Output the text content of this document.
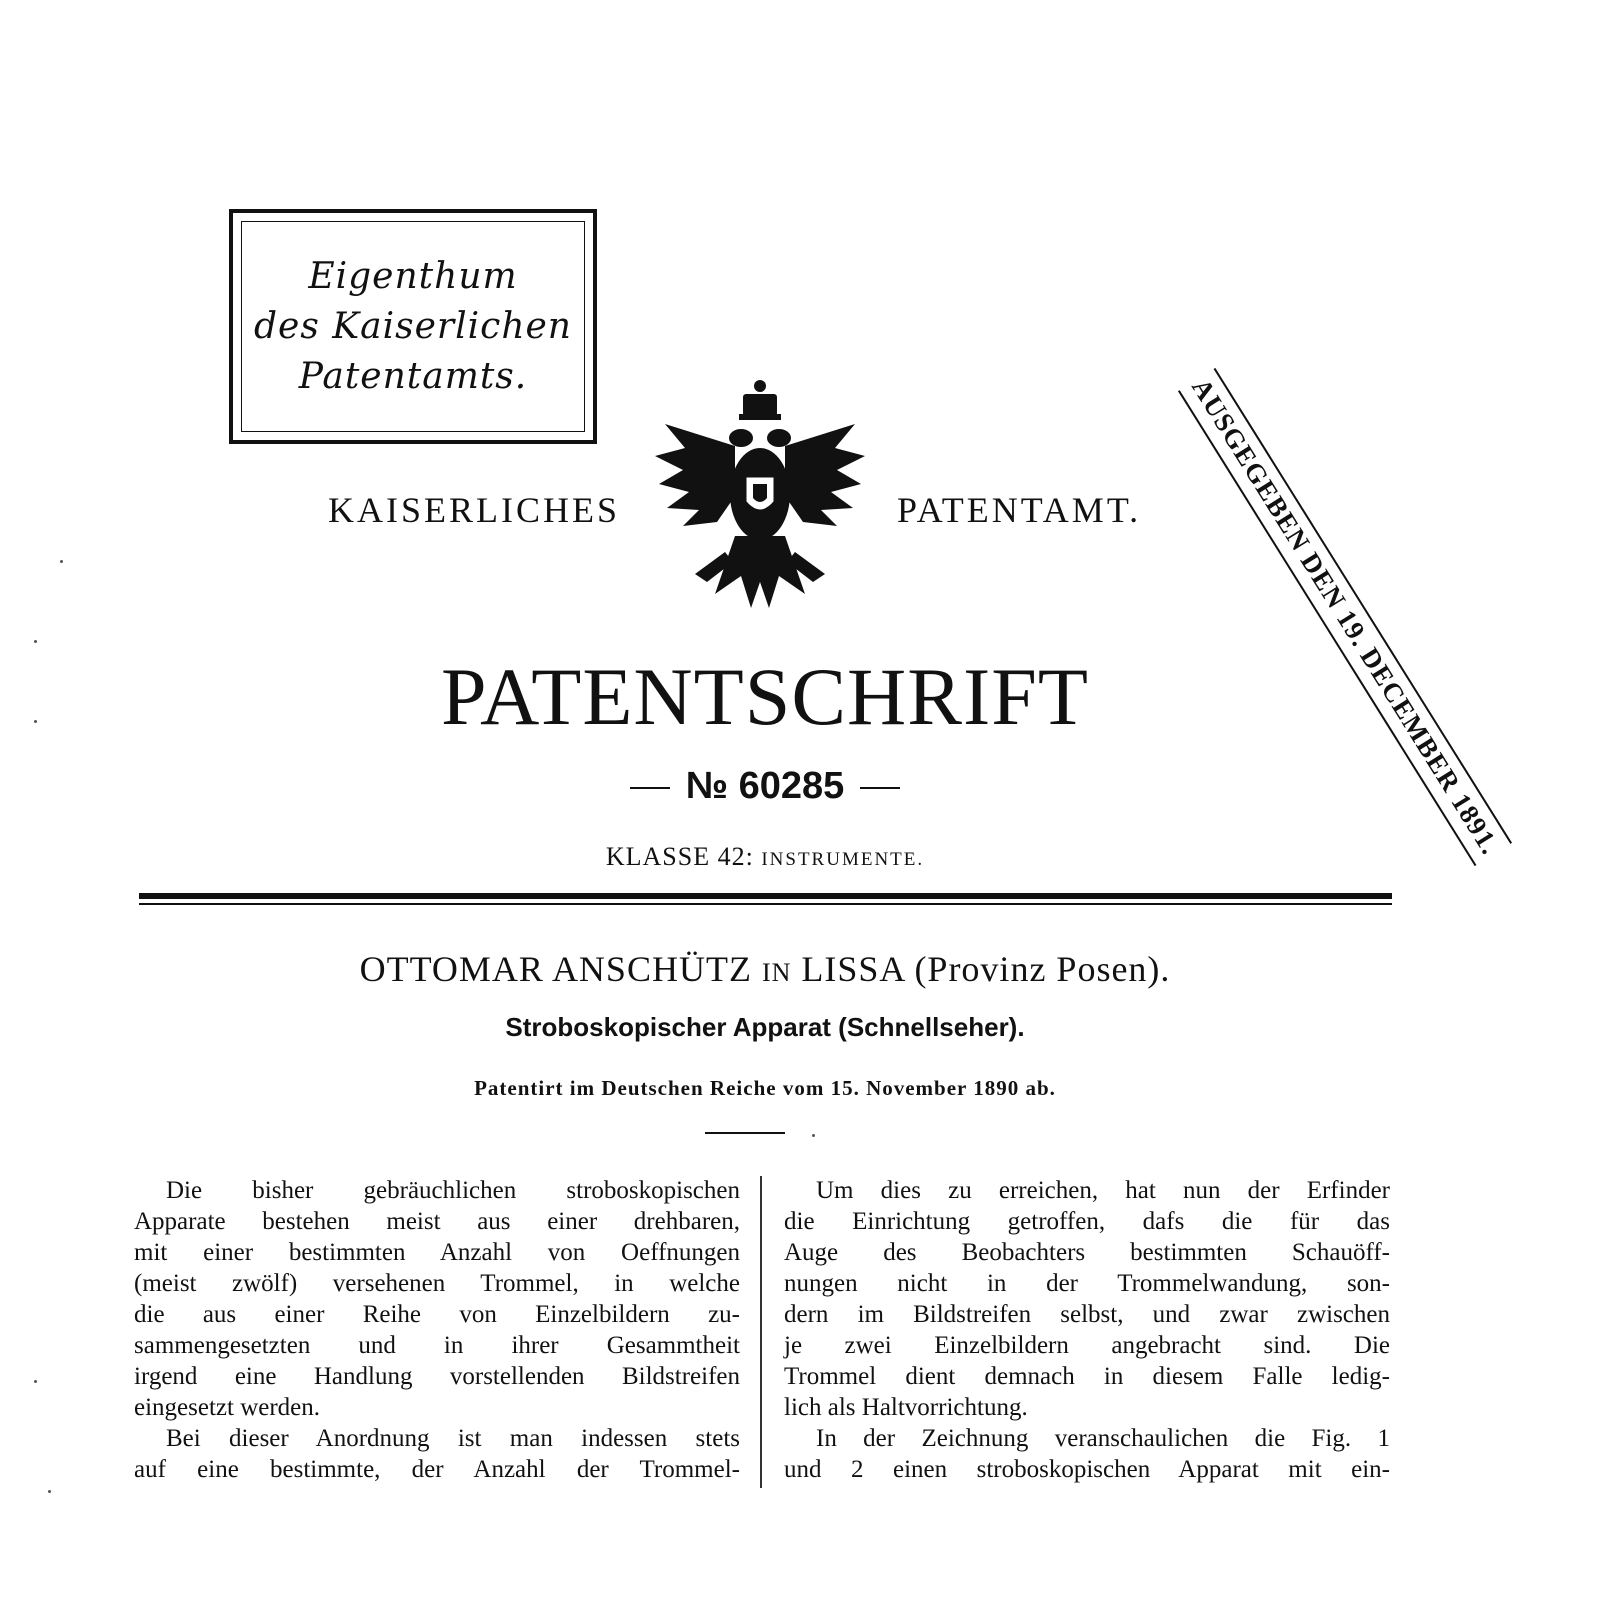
Eigenthum
des Kaiserlichen
Patentamts.
KAISERLICHES	PATENTAMT. AUSGEGEBEN DEN 19. DECEMBER 1891.
PATENTSCHRIFT
№ 60285
KLASSE 42: INSTRUMENTE.
OTTOMAR ANSCHÜTZ IN LISSA (Provinz Posen).
Stroboskopischer Apparat (Schnellseher).
Patentirt im Deutschen Reiche vom 15. November 1890 ab.
Die bisher gebräuchlichen stroboskopischen
Apparate bestehen meist aus einer drehbaren,
mit einer bestimmten Anzahl von Oeffnungen
(meist zwölf) versehenen Trommel, in welche
die aus einer Reihe von Einzelbildern zu-
sammengesetzten und in ihrer Gesammtheit
irgend eine Handlung vorstellenden Bildstreifen
eingesetzt werden.
Bei dieser Anordnung ist man indessen stets
auf eine bestimmte, der Anzahl der Trommel-
Um dies zu erreichen, hat nun der Erfinder
die Einrichtung getroffen, dafs die für das
Auge des Beobachters bestimmten Schauöff-
nungen nicht in der Trommelwandung, son-
dern im Bildstreifen selbst, und zwar zwischen
je zwei Einzelbildern angebracht sind. Die
Trommel dient demnach in diesem Falle ledig-
lich als Haltvorrichtung.
In der Zeichnung veranschaulichen die Fig. 1
und 2 einen stroboskopischen Apparat mit ein-
